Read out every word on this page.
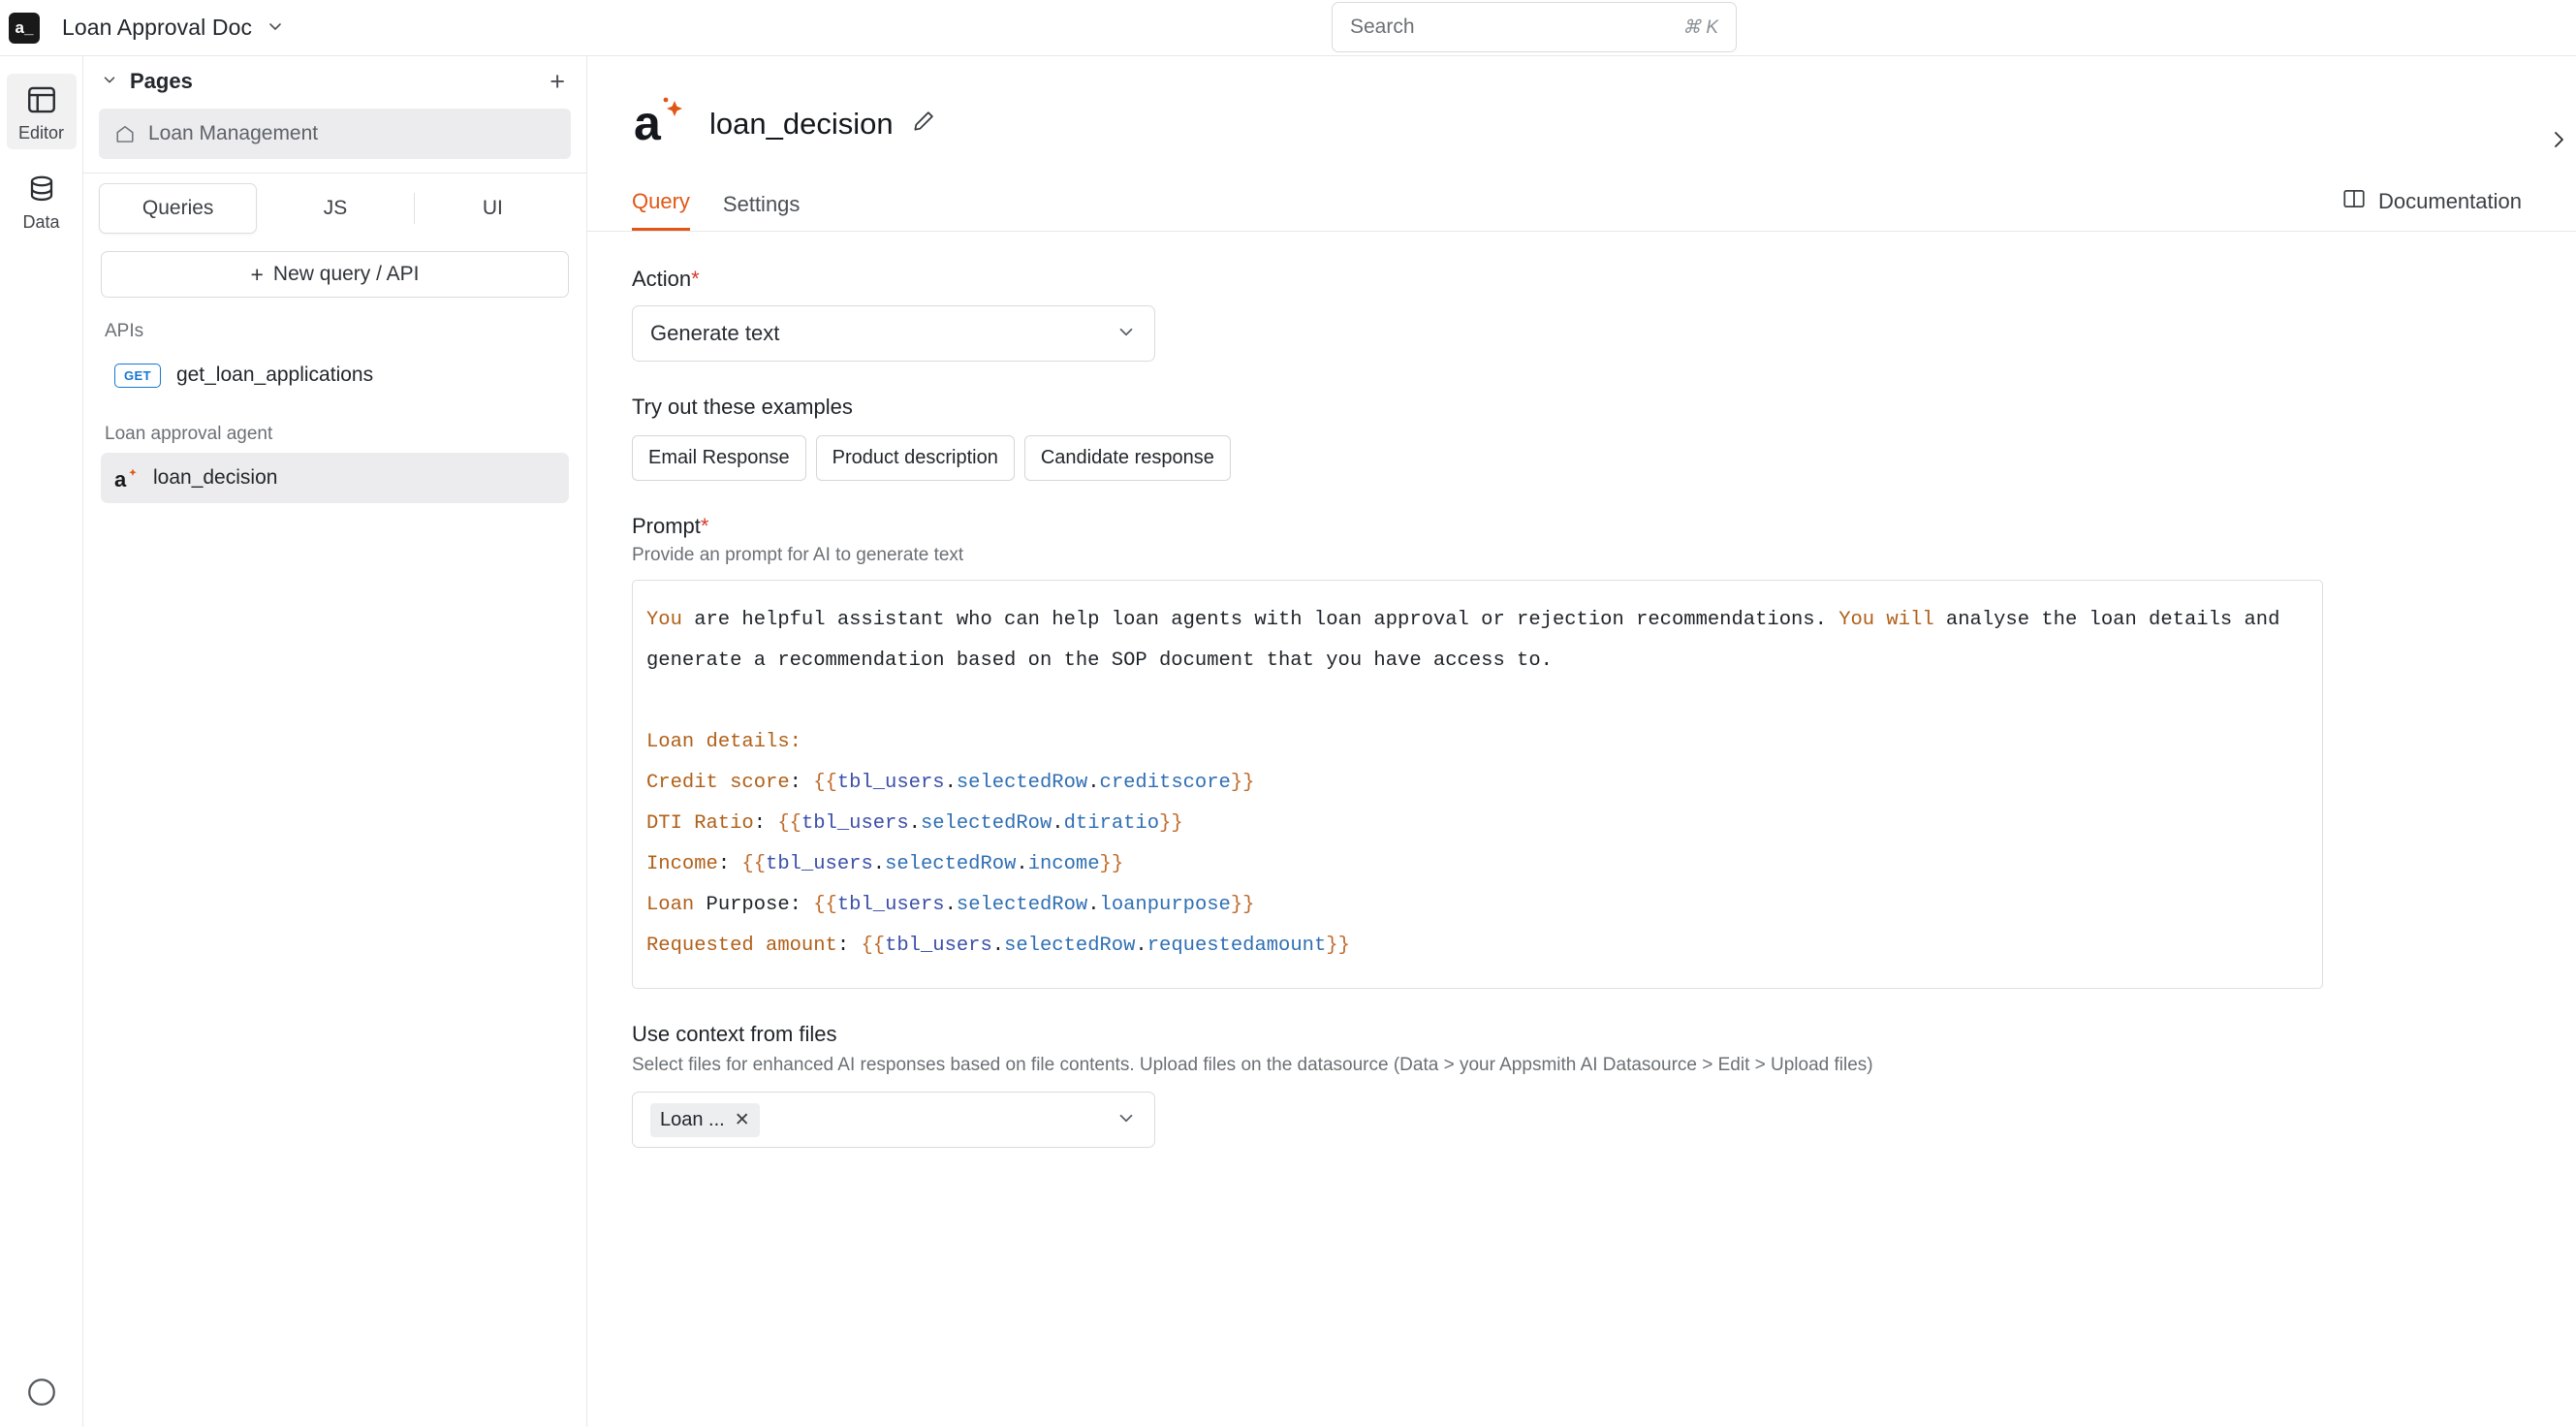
a_ Loan Approval Doc	Search	⌘ K
Editor
Data
Pages	+
Loan Management
Queries	JS	UI
+ New query / API
APIs
GET	get_loan_applications
Loan approval agent
a loan_decision
a loan_decision
Query Settings	Documentation
Action*
Generate text
Try out these examples
Email Response	Product description	Candidate response
Prompt*
Provide an prompt for AI to generate text
You are helpful assistant who can help loan agents with loan approval or rejection recommendations. You will analyse the loan details and generate a recommendation based on the SOP document that you have access to.

Loan details:
Credit score: {{tbl_users.selectedRow.creditscore}}
DTI Ratio: {{tbl_users.selectedRow.dtiratio}}
Income: {{tbl_users.selectedRow.income}}
Loan Purpose: {{tbl_users.selectedRow.loanpurpose}}
Requested amount: {{tbl_users.selectedRow.requestedamount}}
Use context from files
Select files for enhanced AI responses based on file contents. Upload files on the datasource (Data > your Appsmith AI Datasource > Edit > Upload files)
Loan ... ✕
